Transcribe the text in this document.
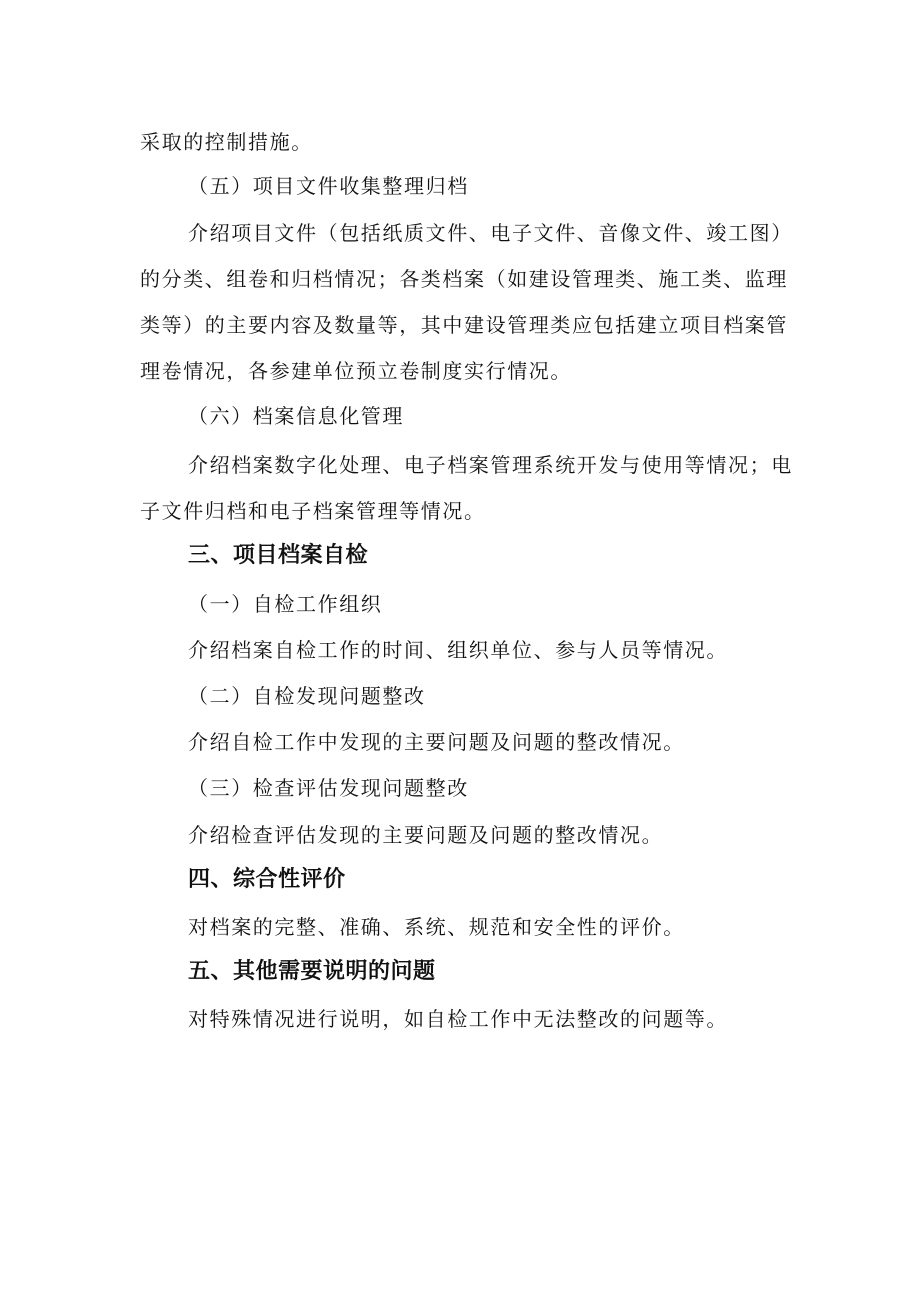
采取的控制措施。
（五）项目文件收集整理归档
介绍项目文件（包括纸质文件、电子文件、音像文件、竣工图）
的分类、组卷和归档情况；各类档案（如建设管理类、施工类、监理
类等）的主要内容及数量等，其中建设管理类应包括建立项目档案管
理卷情况，各参建单位预立卷制度实行情况。
（六）档案信息化管理
介绍档案数字化处理、电子档案管理系统开发与使用等情况；电
子文件归档和电子档案管理等情况。
三、项目档案自检
（一）自检工作组织
介绍档案自检工作的时间、组织单位、参与人员等情况。
（二）自检发现问题整改
介绍自检工作中发现的主要问题及问题的整改情况。
（三）检查评估发现问题整改
介绍检查评估发现的主要问题及问题的整改情况。
四、综合性评价
对档案的完整、准确、系统、规范和安全性的评价。
五、其他需要说明的问题
对特殊情况进行说明，如自检工作中无法整改的问题等。
